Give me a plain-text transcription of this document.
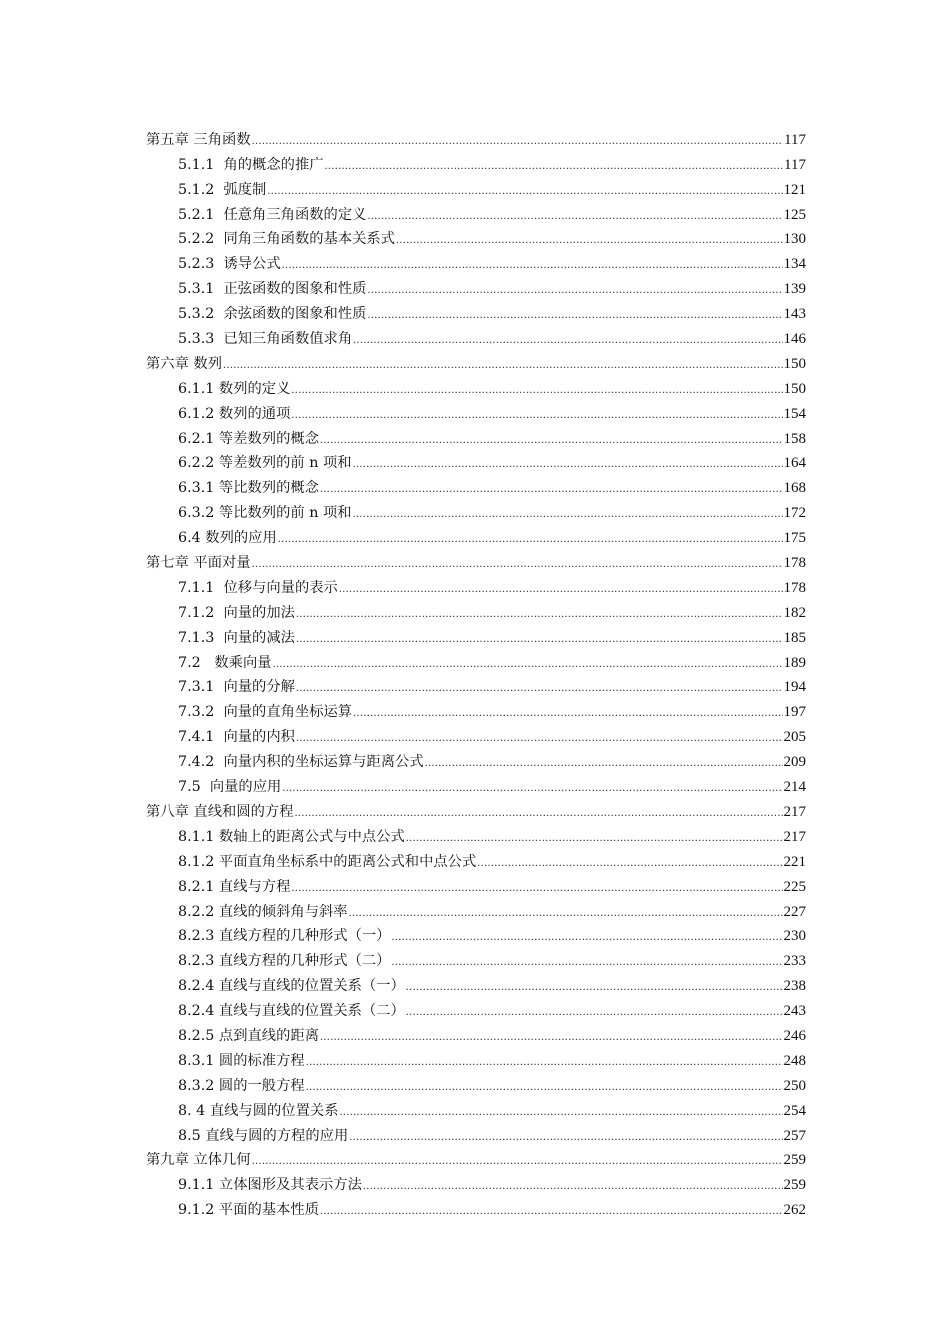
第五章 三角函数 .....	117
5.1.1  角的概念的推广 .....	117
5.1.2  弧度制 .....	121
5.2.1  任意角三角函数的定义 .....	125
5.2.2  同角三角函数的基本关系式 .....	130
5.2.3  诱导公式 .....	134
5.3.1  正弦函数的图象和性质 .....	139
5.3.2  余弦函数的图象和性质 .....	143
5.3.3  已知三角函数值求角 .....	146
第六章 数列 .....	150
6.1.1 数列的定义 .....	150
6.1.2 数列的通项 .....	154
6.2.1 等差数列的概念 .....	158
6.2.2 等差数列的前 n 项和 .....	164
6.3.1 等比数列的概念 .....	168
6.3.2 等比数列的前 n 项和 .....	172
6.4 数列的应用 .....	175
第七章 平面对量 .....	178
7.1.1  位移与向量的表示 .....	178
7.1.2  向量的加法 .....	182
7.1.3  向量的减法 .....	185
7.2   数乘向量 .....	189
7.3.1  向量的分解 .....	194
7.3.2  向量的直角坐标运算 .....	197
7.4.1  向量的内积 .....	205
7.4.2  向量内积的坐标运算与距离公式 .....	209
7.5  向量的应用 .....	214
第八章 直线和圆的方程 .....	217
8.1.1 数轴上的距离公式与中点公式 .....	217
8.1.2 平面直角坐标系中的距离公式和中点公式 .....	221
8.2.1 直线与方程 .....	225
8.2.2 直线的倾斜角与斜率 .....	227
8.2.3 直线方程的几种形式（一） .....	230
8.2.3 直线方程的几种形式（二） .....	233
8.2.4 直线与直线的位置关系（一） .....	238
8.2.4 直线与直线的位置关系（二） .....	243
8.2.5 点到直线的距离 .....	246
8.3.1 圆的标准方程 .....	248
8.3.2 圆的一般方程 .....	250
8. 4 直线与圆的位置关系 .....	254
8.5 直线与圆的方程的应用 .....	257
第九章 立体几何 .....	259
9.1.1 立体图形及其表示方法 .....	259
9.1.2 平面的基本性质 .....	262
